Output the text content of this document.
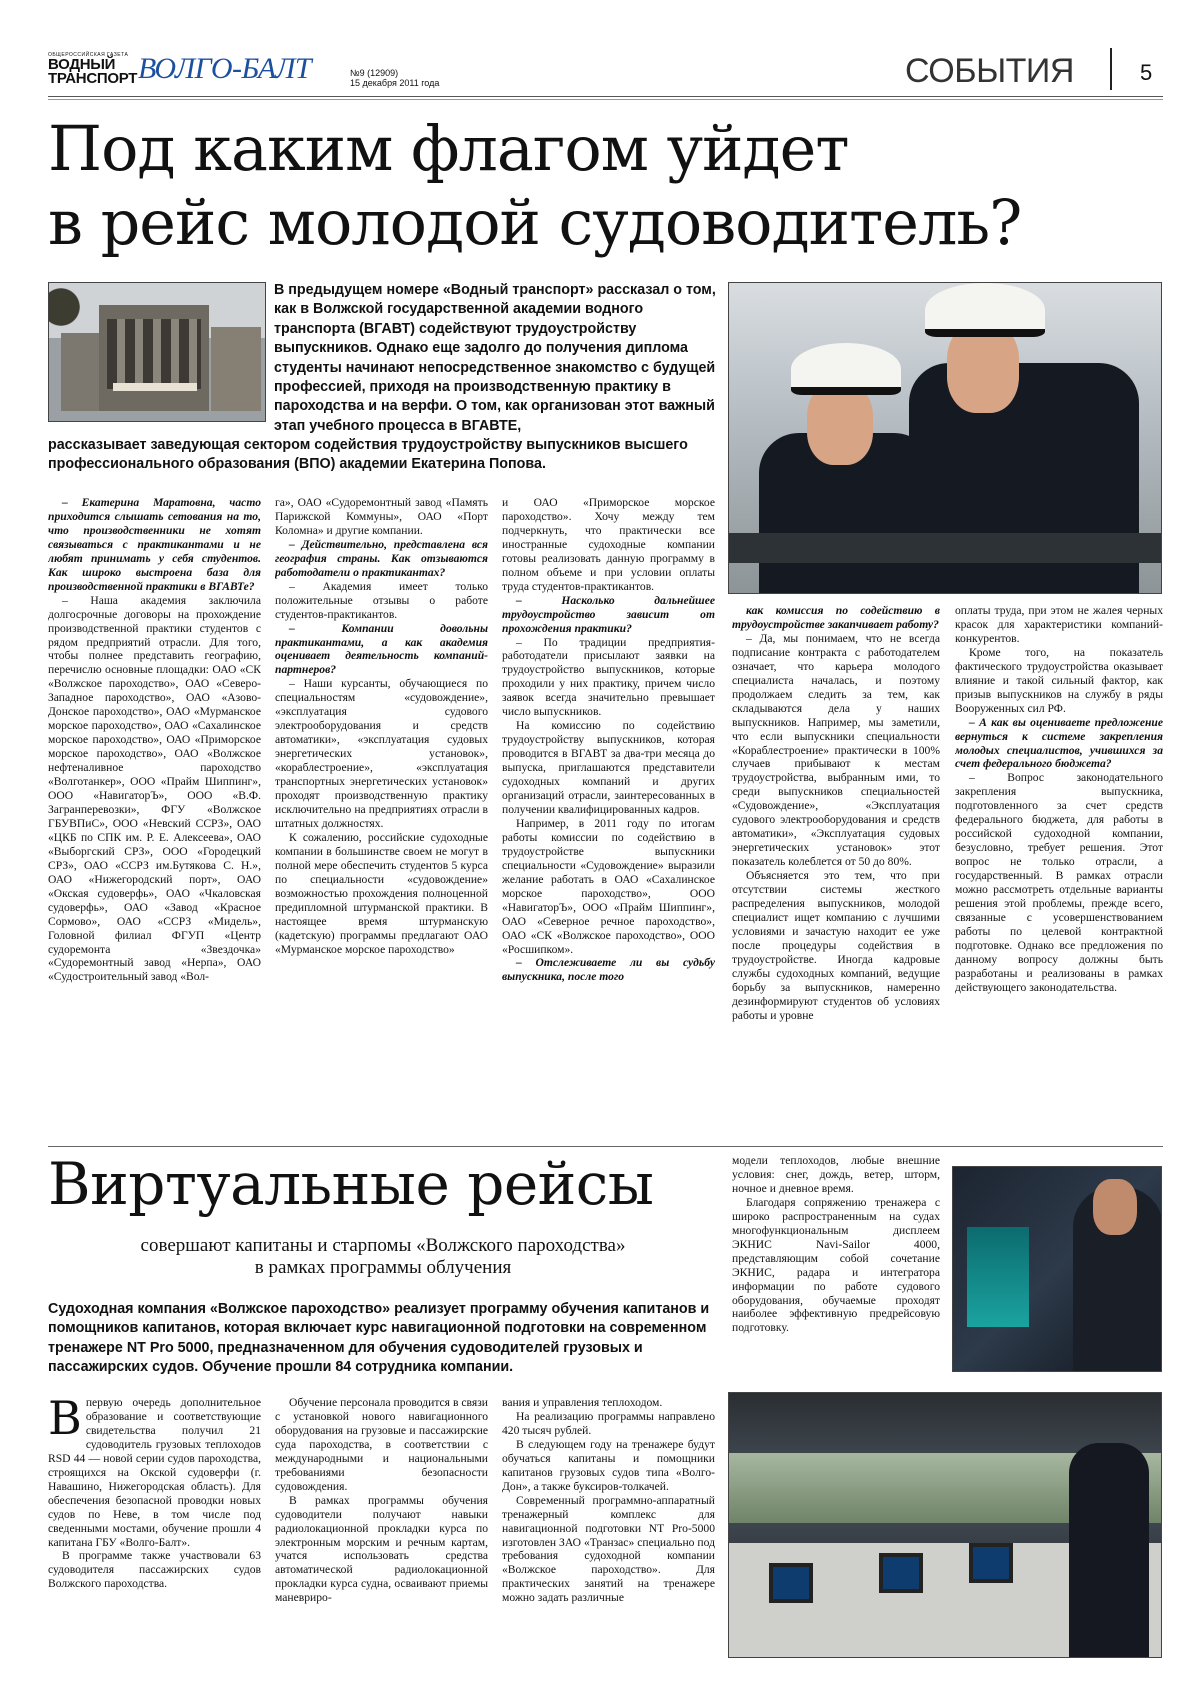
ОБЩЕРОССИЙСКАЯ ГАЗЕТА
ВОДНЫЙ
ТРАНСПОРТ ВОЛГО-БАЛТ	№9 (12909)
15 декабря 2011 года	СОБЫТИЯ	5
Под каким флагом уйдет
в рейс молодой судоводитель?
В предыдущем номере «Водный транспорт» рассказал о том, как в Волжской государственной академии водного транспорта (ВГАВТ) содействуют трудоустройству выпускников. Однако еще задолго до получения диплома студенты начинают непосредственное знакомство с будущей профессией, приходя на производственную практику в пароходства и на верфи. О том, как организован этот важный этап учебного процесса в ВГАВТЕ,
рассказывает заведующая сектором содействия трудоустройству выпускников высшего профессионального образования (ВПО) академии Екатерина Попова.

– Екатерина Маратовна, часто приходится слышать сетования на то, что производственники не хотят связываться с практикантами и не любят принимать у себя студентов. Как широко выстроена база для производственной практики в ВГАВТе?

– Наша академия заключила долгосрочные договоры на прохождение производственной практики студентов с рядом предприятий отрасли. Для того, чтобы полнее представить географию, перечислю основные площадки: ОАО «СК «Волжское пароходство», ОАО «Северо-Западное пароходство», ОАО «Азово-Донское пароходство», ОАО «Мурманское морское пароходство», ОАО «Сахалинское морское пароходство», ОАО «Приморское морское пароходство», ОАО «Волжское нефтеналивное пароходство «Волготанкер», ООО «Прайм Шиппинг», ООО «НавигаторЪ», ООО «В.Ф. Загранперевозки», ФГУ «Волжское ГБУВПиС», ООО «Невский ССРЗ», ОАО «ЦКБ по СПК им. Р. Е. Алексеева», ОАО «Выборгский СРЗ», ООО «Городецкий СРЗ», ОАО «ССРЗ им.Бутякова С. Н.», ОАО «Нижегородский порт», ОАО «Окская судоверфь», ОАО «Чкаловская судоверфь», ОАО «Завод «Красное Сормово», ОАО «ССРЗ «Мидель», Головной филиал ФГУП «Центр судоремонта «Звездочка» «Судоремонтный завод «Нерпа», ОАО «Судостроительный завод «Вол-

га», ОАО «Судоремонтный завод «Память Парижской Коммуны», ОАО «Порт Коломна» и другие компании.

– Действительно, представлена вся география страны. Как отзываются работодатели о практикантах?

– Академия имеет только положительные отзывы о работе студентов-практикантов.

– Компании довольны практикантами, а как академия оценивает деятельность компаний-партнеров?

– Наши курсанты, обучающиеся по специальностям «судовождение», «эксплуатация судового электрооборудования и средств автоматики», «эксплуатация судовых энергетических установок», «кораблестроение», «эксплуатация транспортных энергетических установок» проходят производственную практику исключительно на предприятиях отрасли в штатных должностях.

К сожалению, российские судоходные компании в большинстве своем не могут в полной мере обеспечить студентов 5 курса по специальности «судовождение» возможностью прохождения полноценной предипломной штурманской практики. В настоящее время штурманскую (кадетскую) программы предлагают ОАО «Мурманское морское пароходство»

и ОАО «Приморское морское пароходство». Хочу между тем подчеркнуть, что практически все иностранные судоходные компании готовы реализовать данную программу в полном объеме и при условии оплаты труда студентов-практикантов.

– Насколько дальнейшее трудоустройство зависит от прохождения практики?

– По традиции предприятия-работодатели присылают заявки на трудоустройство выпускников, которые проходили у них практику, причем число заявок всегда значительно превышает число выпускников.

На комиссию по содействию трудоустройству выпускников, которая проводится в ВГАВТ за два-три месяца до выпуска, приглашаются представители судоходных компаний и других организаций отрасли, заинтересованных в получении квалифицированных кадров.

Например, в 2011 году по итогам работы комиссии по содействию в трудоустройстве выпускники специальности «Судовождение» выразили желание работать в ОАО «Сахалинское морское пароходство», ООО «НавигаторЪ», ООО «Прайм Шиппинг», ОАО «Северное речное пароходство», ОАО «СК «Волжское пароходство», ООО «Росшипком».

– Отслеживаете ли вы судьбу выпускника, после того

как комиссия по содействию в трудоустройстве закапчивает работу?

– Да, мы понимаем, что не всегда подписание контракта с работодателем означает, что карьера молодого специалиста началась, и поэтому продолжаем следить за тем, как складываются дела у наших выпускников. Например, мы заметили, что если выпускники специальности «Кораблестроение» практически в 100% случаев прибывают к местам трудоустройства, выбранным ими, то среди выпускников специальностей «Судовождение», «Эксплуатация судового электрооборудования и средств автоматики», «Эксплуатация судовых энергетических установок» этот показатель колеблется от 50 до 80%.

Объясняется это тем, что при отсутствии системы жесткого распределения выпускников, молодой специалист ищет компанию с лучшими условиями и зачастую находит ее уже после процедуры содействия в трудоустройстве. Иногда кадровые службы судоходных компаний, ведущие борьбу за выпускников, намеренно дезинформируют студентов об условиях работы и уровне

оплаты труда, при этом не жалея черных красок для характеристики компаний-конкурентов.

Кроме того, на показатель фактического трудоустройства оказывает влияние и такой сильный фактор, как призыв выпускников на службу в ряды Вооруженных сил РФ.

– А как вы оцениваете предложение вернуться к системе закрепления молодых специалистов, учившихся за счет федерального бюджета?

– Вопрос законодательного закрепления выпускника, подготовленного за счет средств федерального бюджета, для работы в российской судоходной компании, безусловно, требует решения. Этот вопрос не только отрасли, а государственный. В рамках отрасли можно рассмотреть отдельные варианты решения этой проблемы, прежде всего, связанные с усовершенствованием работы по целевой контрактной подготовке. Однако все предложения по данному вопросу должны быть разработаны и реализованы в рамках действующего законодательства.

Виртуальные рейсы
совершают капитаны и старпомы «Волжского пароходства»
в рамках программы облучения
Судоходная компания «Волжское пароходство» реализует программу обучения капитанов и помощников капитанов, которая включает курс навигационной подготовки на современном тренажере NT Pro 5000, предназначенном для обучения судоводителей грузовых и пассажирских судов. Обучение прошли 84 сотрудника компании.

модели теплоходов, любые внешние условия: снег, дождь, ветер, шторм, ночное и дневное время.

Благодаря сопряжению тренажера с широко распространенным на судах многофункциональным дисплеем ЭКНИС Navi-Sailor 4000, представляющим собой сочетание ЭКНИС, радара и интегратора информации по работе судового оборудования, обучаемые проходят наиболее эффективную предрейсовую подготовку.

Впервую очередь дополнительное образование и соответствующие свидетельства получил 21 судоводитель грузовых теплоходов RSD 44 — новой серии судов пароходства, строящихся на Окской судоверфи (г. Навашино, Нижегородская область). Для обеспечения безопасной проводки новых судов по Неве, в том числе под сведенными мостами, обучение прошли 4 капитана ГБУ «Волго-Балт».

В программе также участвовали 63 судоводителя пассажирских судов Волжского пароходства.

Обучение персонала проводится в связи с установкой нового навигационного оборудования на грузовые и пассажирские суда пароходства, в соответствии с международными и национальными требованиями безопасности судовождения.

В рамках программы обучения судоводители получают навыки радиолокационной прокладки курса по электронным морским и речным картам, учатся использовать средства автоматической радиолокационной прокладки курса судна, осваивают приемы маневриро-

вания и управления теплоходом.

На реализацию программы направлено 420 тысяч рублей.

В следующем году на тренажере будут обучаться капитаны и помощники капитанов грузовых судов типа «Волго-Дон», а также буксиров-толкачей.

Современный программно-аппаратный тренажерный комплекс для навигационной подготовки NT Pro-5000 изготовлен ЗАО «Транзас» специально под требования судоходной компании «Волжское пароходство». Для практических занятий на тренажере можно задать различные
